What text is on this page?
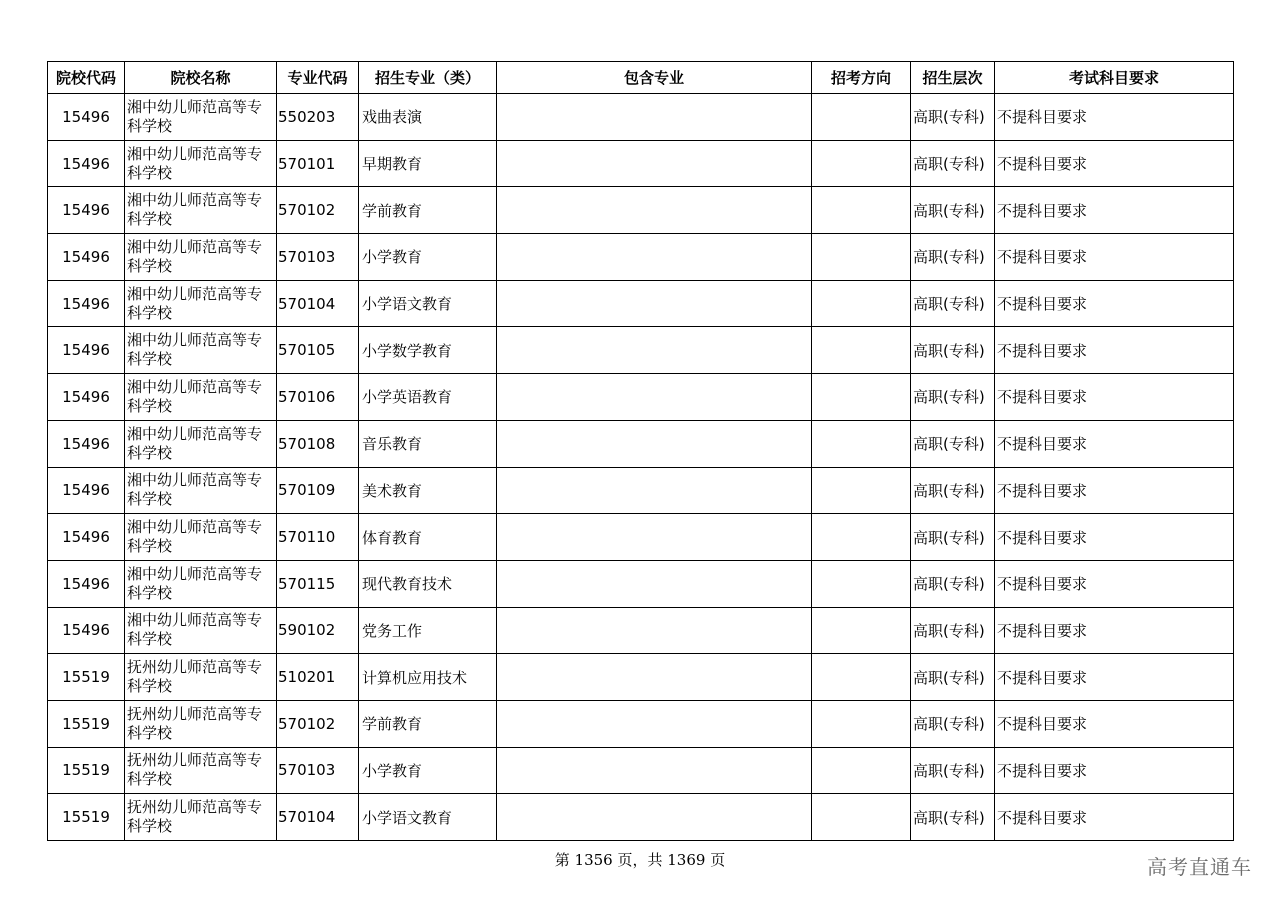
院校代码	院校名称	专业代码	招生专业（类）	包含专业	招考方向	招生层次	考试科目要求
15496	湘中幼儿师范高等专科学校	550203	戏曲表演			高职(专科)	不提科目要求
15496	湘中幼儿师范高等专科学校	570101	早期教育			高职(专科)	不提科目要求
15496	湘中幼儿师范高等专科学校	570102	学前教育			高职(专科)	不提科目要求
15496	湘中幼儿师范高等专科学校	570103	小学教育			高职(专科)	不提科目要求
15496	湘中幼儿师范高等专科学校	570104	小学语文教育			高职(专科)	不提科目要求
15496	湘中幼儿师范高等专科学校	570105	小学数学教育			高职(专科)	不提科目要求
15496	湘中幼儿师范高等专科学校	570106	小学英语教育			高职(专科)	不提科目要求
15496	湘中幼儿师范高等专科学校	570108	音乐教育			高职(专科)	不提科目要求
15496	湘中幼儿师范高等专科学校	570109	美术教育			高职(专科)	不提科目要求
15496	湘中幼儿师范高等专科学校	570110	体育教育			高职(专科)	不提科目要求
15496	湘中幼儿师范高等专科学校	570115	现代教育技术			高职(专科)	不提科目要求
15496	湘中幼儿师范高等专科学校	590102	党务工作			高职(专科)	不提科目要求
15519	抚州幼儿师范高等专科学校	510201	计算机应用技术			高职(专科)	不提科目要求
15519	抚州幼儿师范高等专科学校	570102	学前教育			高职(专科)	不提科目要求
15519	抚州幼儿师范高等专科学校	570103	小学教育			高职(专科)	不提科目要求
15519	抚州幼儿师范高等专科学校	570104	小学语文教育			高职(专科)	不提科目要求
第 1356 页，共 1369 页	高考直通车
